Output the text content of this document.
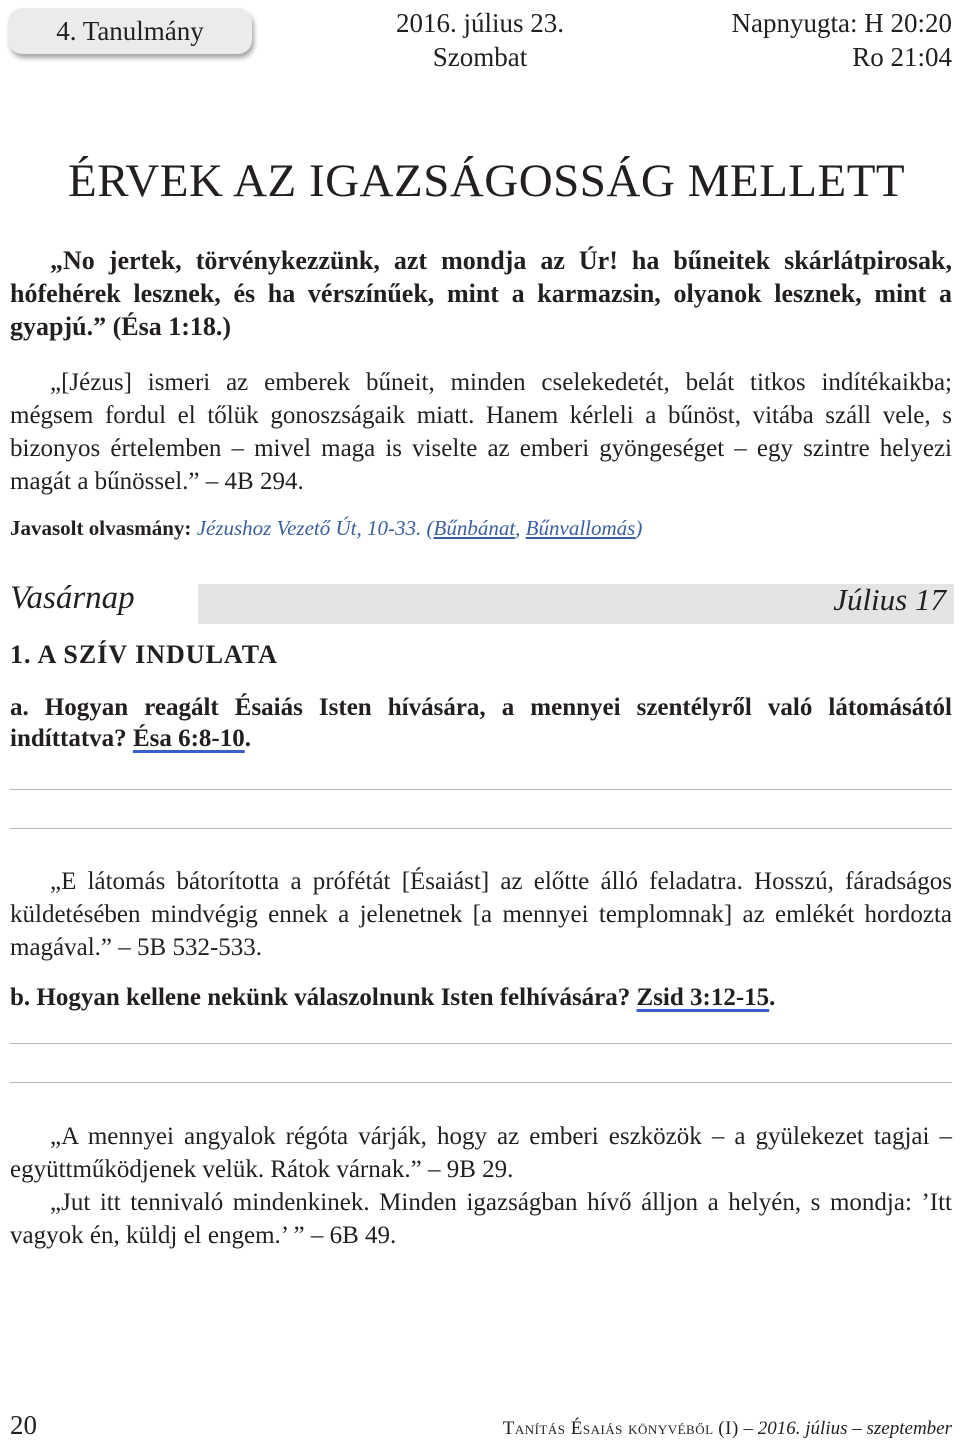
4. Tanulmány	2016. július 23.
Szombat
Napnyugta: H 20:20
Ro 21:04
ÉRVEK AZ IGAZSÁGOSSÁG MELLETT
„No jertek, törvénykezzünk, azt mondja az Úr! ha bűneitek skárlátpirosak, hófehérek lesznek, és ha vérszínűek, mint a karmazsin, olyanok lesznek, mint a gyapjú.” (Ésa 1:18.)
„[Jézus] ismeri az emberek bűneit, minden cselekedetét, belát titkos indítékaikba; mégsem fordul el tőlük gonoszságaik miatt. Hanem kérleli a bűnöst, vitába száll vele, s bizonyos értelemben – mivel maga is viselte az emberi gyöngeséget – egy szintre helyezi magát a bűnössel.” – 4B 294.
Javasolt olvasmány: Jézushoz Vezető Út, 10-33. (Bűnbánat, Bűnvallomás)
Vasárnap	Július 17
1. A SZÍV INDULATA
a. Hogyan reagált Ésaiás Isten hívására, a mennyei szentélyről való látomásától indíttatva? Ésa 6:8-10.
„E látomás bátorította a prófétát [Ésaiást] az előtte álló feladatra. Hosszú, fáradságos küldetésében mindvégig ennek a jelenetnek [a mennyei templomnak] az emlékét hordozta magával.” – 5B 532-533.
b. Hogyan kellene nekünk válaszolnunk Isten felhívására? Zsid 3:12-15.
„A mennyei angyalok régóta várják, hogy az emberi eszközök – a gyülekezet tagjai – együttműködjenek velük. Rátok várnak.” – 9B 29.
„Jut itt tennivaló mindenkinek. Minden igazságban hívő álljon a helyén, s mondja: ’Itt vagyok én, küldj el engem.’ ” – 6B 49.
20	Tanítás Ésaiás könyvéből (I) – 2016. július – szeptember
